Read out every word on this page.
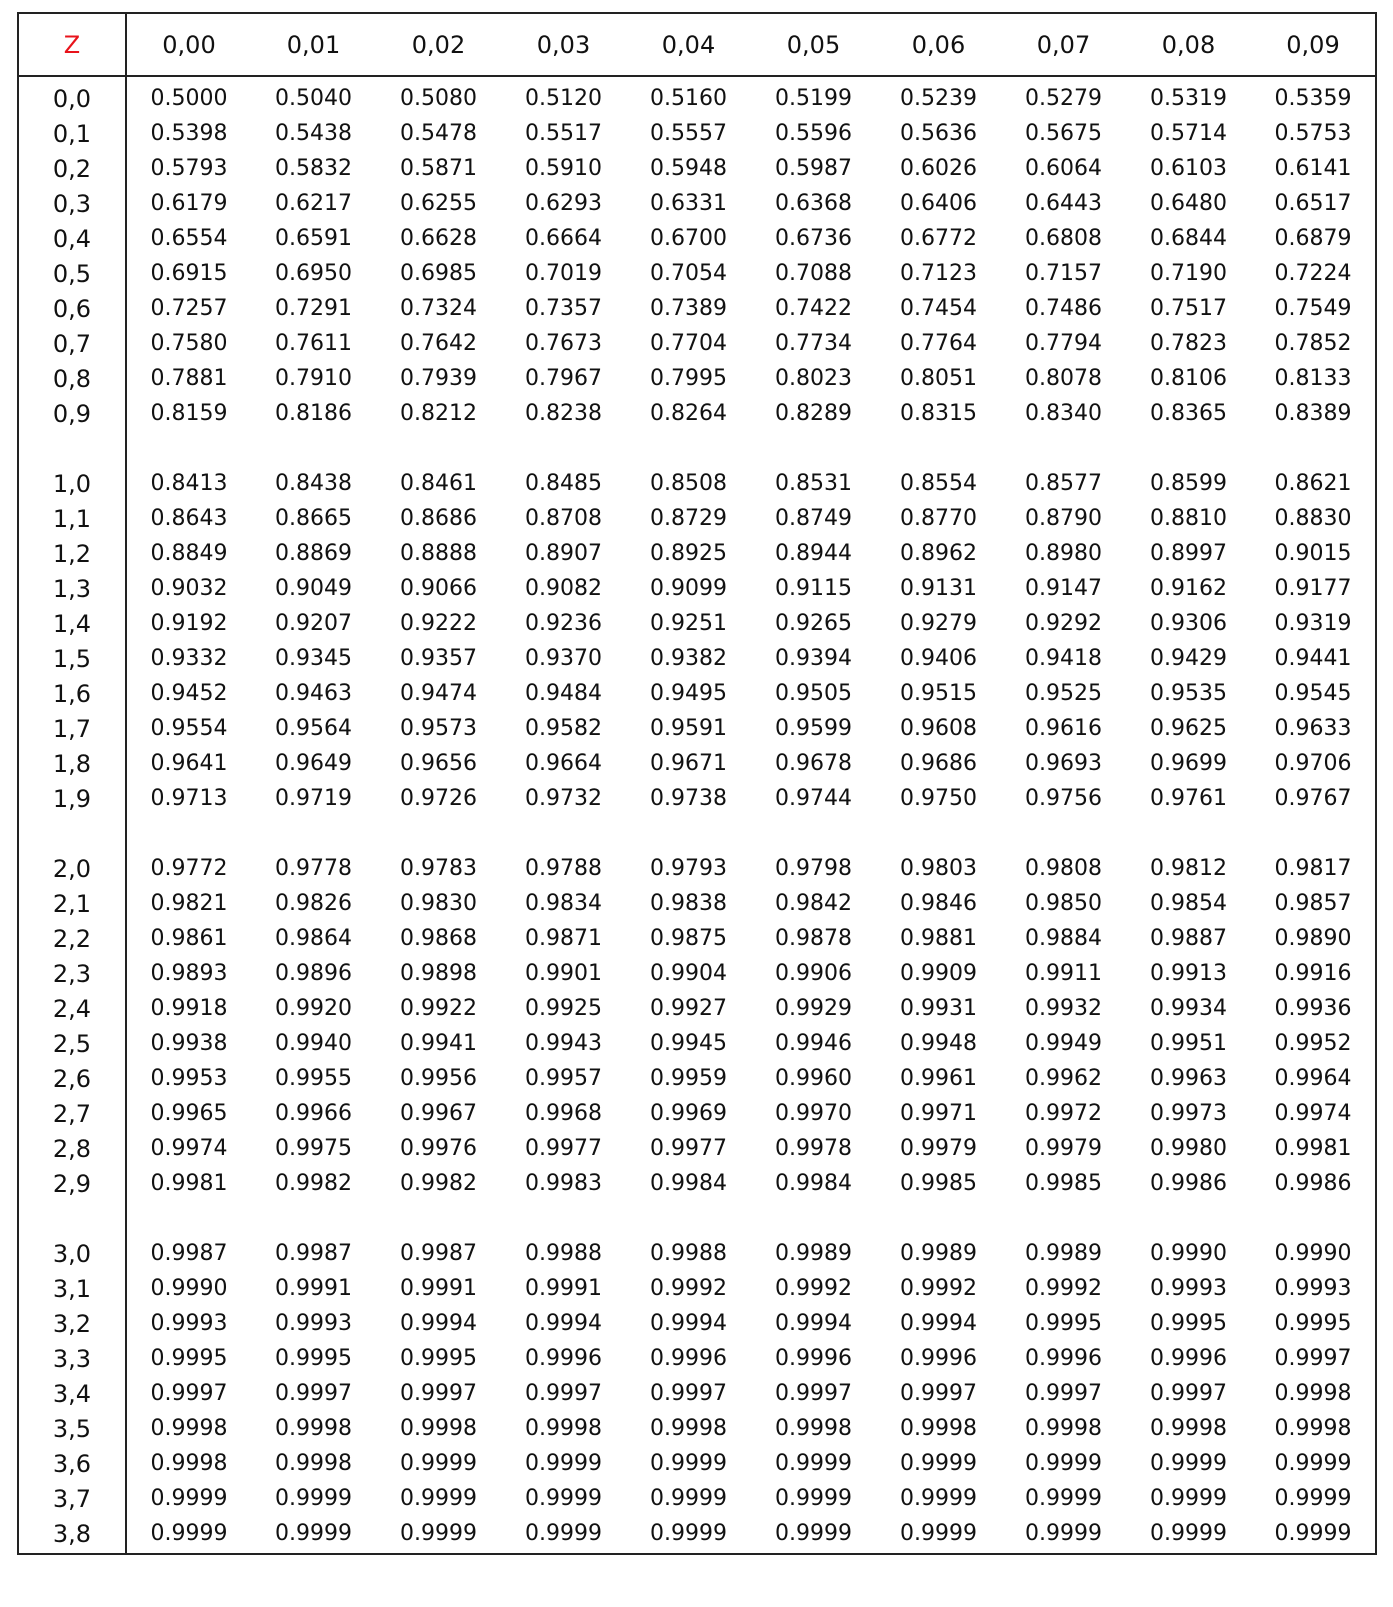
Z	0,00	0,01	0,02	0,03	0,04	0,05	0,06	0,07	0,08	0,09
0,0	0.5000	0.5040	0.5080	0.5120	0.5160	0.5199	0.5239	0.5279	0.5319	0.5359
0,1	0.5398	0.5438	0.5478	0.5517	0.5557	0.5596	0.5636	0.5675	0.5714	0.5753
0,2	0.5793	0.5832	0.5871	0.5910	0.5948	0.5987	0.6026	0.6064	0.6103	0.6141
0,3	0.6179	0.6217	0.6255	0.6293	0.6331	0.6368	0.6406	0.6443	0.6480	0.6517
0,4	0.6554	0.6591	0.6628	0.6664	0.6700	0.6736	0.6772	0.6808	0.6844	0.6879
0,5	0.6915	0.6950	0.6985	0.7019	0.7054	0.7088	0.7123	0.7157	0.7190	0.7224
0,6	0.7257	0.7291	0.7324	0.7357	0.7389	0.7422	0.7454	0.7486	0.7517	0.7549
0,7	0.7580	0.7611	0.7642	0.7673	0.7704	0.7734	0.7764	0.7794	0.7823	0.7852
0,8	0.7881	0.7910	0.7939	0.7967	0.7995	0.8023	0.8051	0.8078	0.8106	0.8133
0,9	0.8159	0.8186	0.8212	0.8238	0.8264	0.8289	0.8315	0.8340	0.8365	0.8389

1,0	0.8413	0.8438	0.8461	0.8485	0.8508	0.8531	0.8554	0.8577	0.8599	0.8621
1,1	0.8643	0.8665	0.8686	0.8708	0.8729	0.8749	0.8770	0.8790	0.8810	0.8830
1,2	0.8849	0.8869	0.8888	0.8907	0.8925	0.8944	0.8962	0.8980	0.8997	0.9015
1,3	0.9032	0.9049	0.9066	0.9082	0.9099	0.9115	0.9131	0.9147	0.9162	0.9177
1,4	0.9192	0.9207	0.9222	0.9236	0.9251	0.9265	0.9279	0.9292	0.9306	0.9319
1,5	0.9332	0.9345	0.9357	0.9370	0.9382	0.9394	0.9406	0.9418	0.9429	0.9441
1,6	0.9452	0.9463	0.9474	0.9484	0.9495	0.9505	0.9515	0.9525	0.9535	0.9545
1,7	0.9554	0.9564	0.9573	0.9582	0.9591	0.9599	0.9608	0.9616	0.9625	0.9633
1,8	0.9641	0.9649	0.9656	0.9664	0.9671	0.9678	0.9686	0.9693	0.9699	0.9706
1,9	0.9713	0.9719	0.9726	0.9732	0.9738	0.9744	0.9750	0.9756	0.9761	0.9767

2,0	0.9772	0.9778	0.9783	0.9788	0.9793	0.9798	0.9803	0.9808	0.9812	0.9817
2,1	0.9821	0.9826	0.9830	0.9834	0.9838	0.9842	0.9846	0.9850	0.9854	0.9857
2,2	0.9861	0.9864	0.9868	0.9871	0.9875	0.9878	0.9881	0.9884	0.9887	0.9890
2,3	0.9893	0.9896	0.9898	0.9901	0.9904	0.9906	0.9909	0.9911	0.9913	0.9916
2,4	0.9918	0.9920	0.9922	0.9925	0.9927	0.9929	0.9931	0.9932	0.9934	0.9936
2,5	0.9938	0.9940	0.9941	0.9943	0.9945	0.9946	0.9948	0.9949	0.9951	0.9952
2,6	0.9953	0.9955	0.9956	0.9957	0.9959	0.9960	0.9961	0.9962	0.9963	0.9964
2,7	0.9965	0.9966	0.9967	0.9968	0.9969	0.9970	0.9971	0.9972	0.9973	0.9974
2,8	0.9974	0.9975	0.9976	0.9977	0.9977	0.9978	0.9979	0.9979	0.9980	0.9981
2,9	0.9981	0.9982	0.9982	0.9983	0.9984	0.9984	0.9985	0.9985	0.9986	0.9986

3,0	0.9987	0.9987	0.9987	0.9988	0.9988	0.9989	0.9989	0.9989	0.9990	0.9990
3,1	0.9990	0.9991	0.9991	0.9991	0.9992	0.9992	0.9992	0.9992	0.9993	0.9993
3,2	0.9993	0.9993	0.9994	0.9994	0.9994	0.9994	0.9994	0.9995	0.9995	0.9995
3,3	0.9995	0.9995	0.9995	0.9996	0.9996	0.9996	0.9996	0.9996	0.9996	0.9997
3,4	0.9997	0.9997	0.9997	0.9997	0.9997	0.9997	0.9997	0.9997	0.9997	0.9998
3,5	0.9998	0.9998	0.9998	0.9998	0.9998	0.9998	0.9998	0.9998	0.9998	0.9998
3,6	0.9998	0.9998	0.9999	0.9999	0.9999	0.9999	0.9999	0.9999	0.9999	0.9999
3,7	0.9999	0.9999	0.9999	0.9999	0.9999	0.9999	0.9999	0.9999	0.9999	0.9999
3,8	0.9999	0.9999	0.9999	0.9999	0.9999	0.9999	0.9999	0.9999	0.9999	0.9999
